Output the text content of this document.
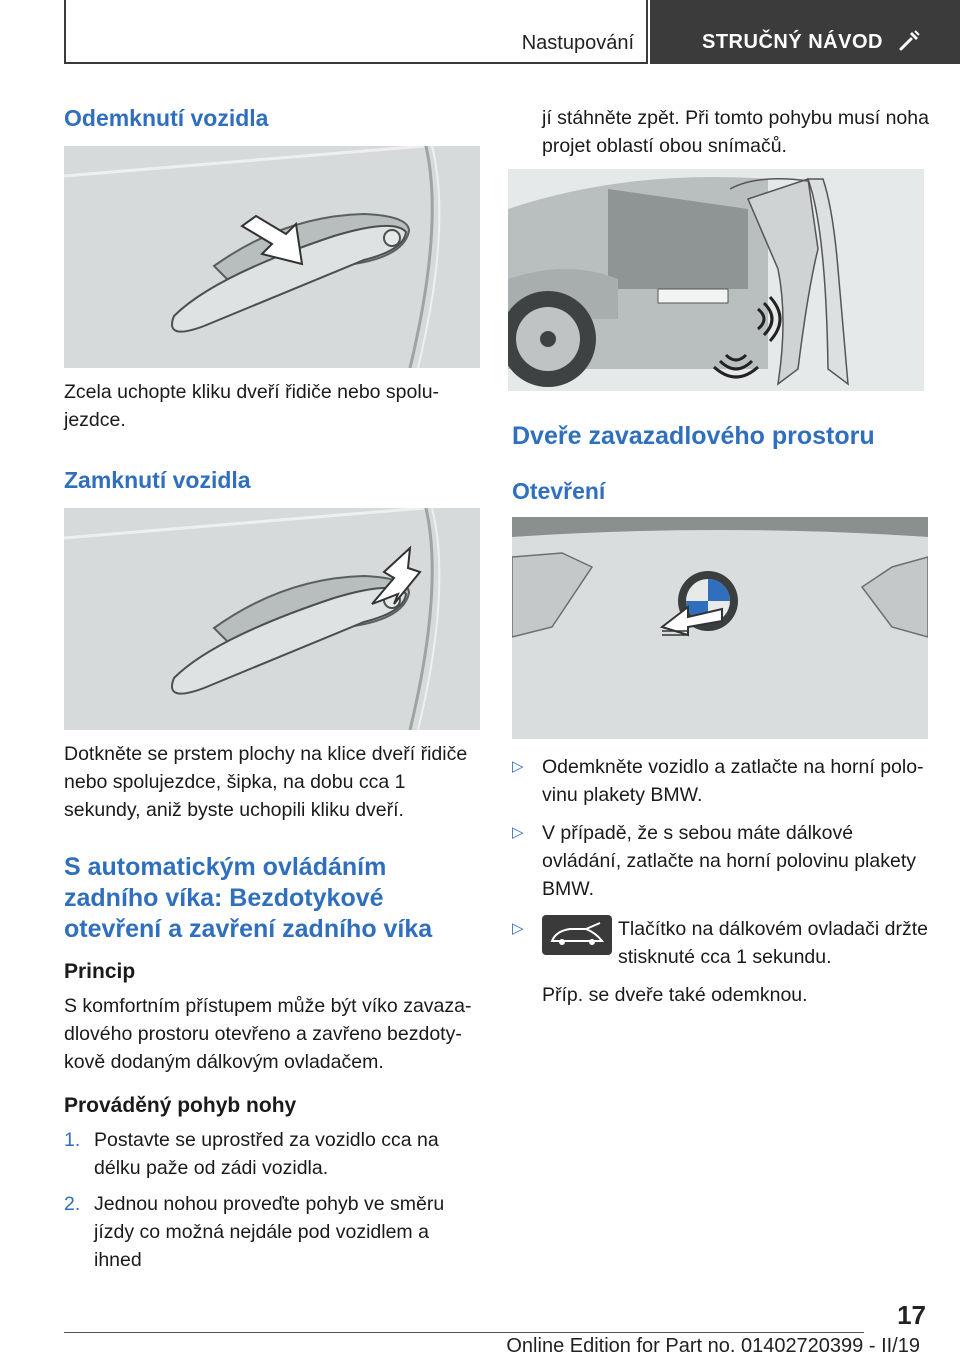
Nastupování	STRUČNÝ NÁVOD
Odemknutí vozidla

Zcela uchopte kliku dveří řidiče nebo spolu-jezdce.

Zamknutí vozidla

Dotkněte se prstem plochy na klice dveří řidiče nebo spolujezdce, šipka, na dobu cca 1 sekundy, aniž byste uchopili kliku dveří.

S automatickým ovládáním zadního víka: Bezdotykové otevření a zavření zadního víka
Princip

S komfortním přístupem může být víko zavaza-dlového prostoru otevřeno a zavřeno bezdoty-kově dodaným dálkovým ovladačem.

Prováděný pohyb nohy
1. Postavte se uprostřed za vozidlo cca na délku paže od zádi vozidla.
2. Jednou nohou proveďte pohyb ve směru jízdy co možná nejdále pod vozidlem a ihned

jí stáhněte zpět. Při tomto pohybu musí noha projet oblastí obou snímačů.

Dveře zavazadlového prostoru
Otevření
▷ Odemkněte vozidlo a zatlačte na horní polo-vinu plakety BMW.
▷ V případě, že s sebou máte dálkové ovládání, zatlačte na horní polovinu plakety BMW.
▷	Tlačítko na dálkovém ovladači držte stisknuté cca 1 sekundu.

Příp. se dveře také odemknou.

17
Online Edition for Part no. 01402720399 - II/19
